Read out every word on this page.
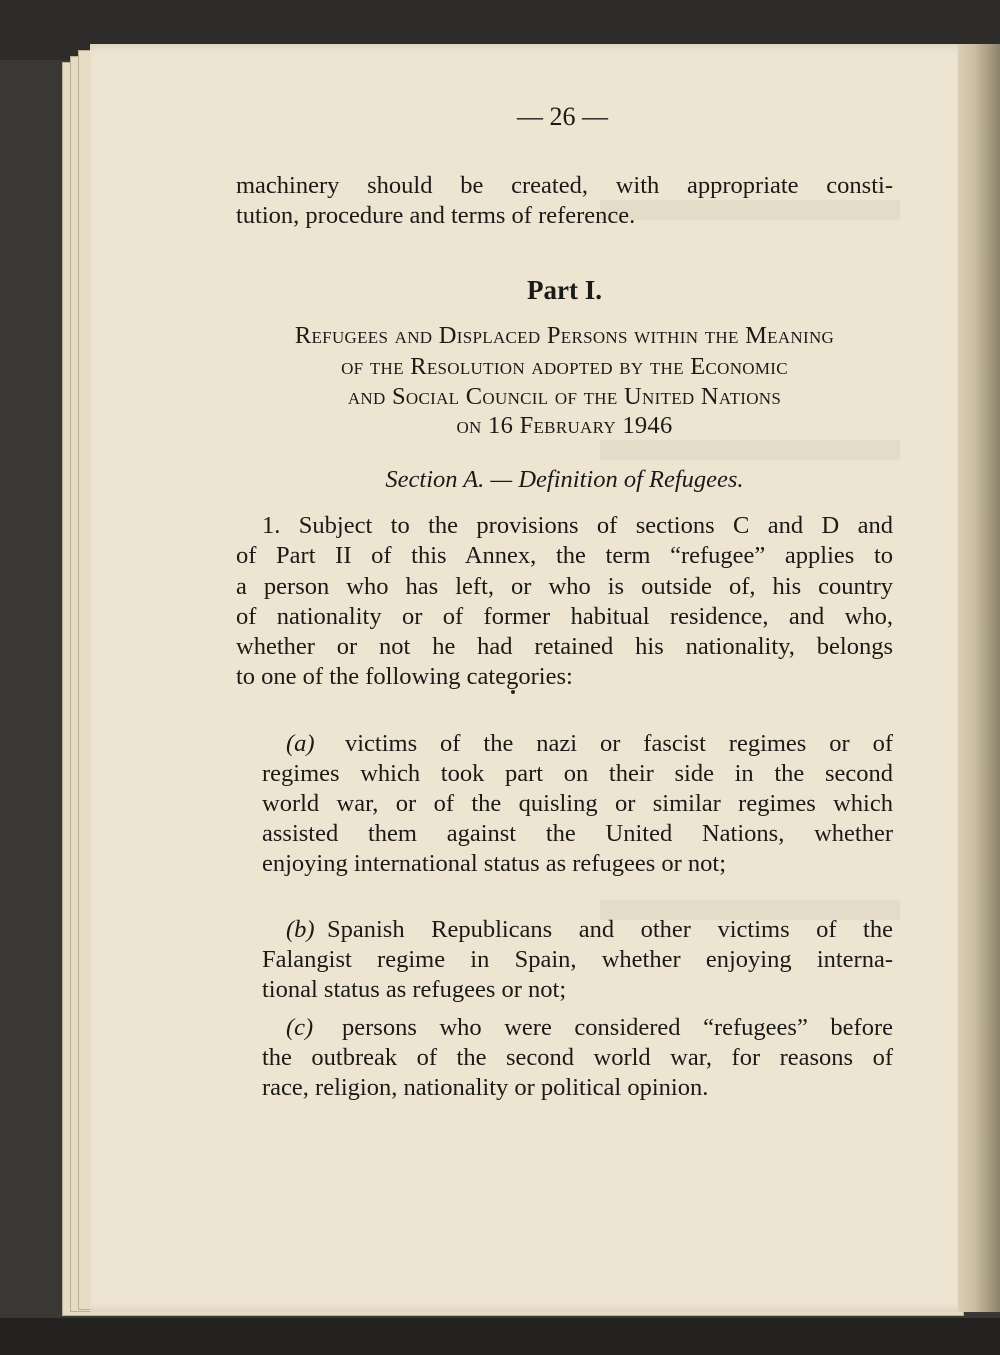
— 26 —
machinery should be created, with appropriate consti-
tution, procedure and terms of reference.
Part I.
Refugees and Displaced Persons within the Meaning
of the Resolution adopted by the Economic
and Social Council of the United Nations
on 16 February 1946
Section A. — Definition of Refugees.
1. Subject to the provisions of sections C and D and
of Part II of this Annex, the term “refugee” applies to
a person who has left, or who is outside of, his country
of nationality or of former habitual residence, and who,
whether or not he had retained his nationality, belongs
to one of the following categories:
(a) victims of the nazi or fascist regimes or of
regimes which took part on their side in the second
world war, or of the quisling or similar regimes which
assisted them against the United Nations, whether
enjoying international status as refugees or not;
(b) Spanish Republicans and other victims of the
Falangist regime in Spain, whether enjoying interna-
tional status as refugees or not;
(c) persons who were considered “refugees” before
the outbreak of the second world war, for reasons of
race, religion, nationality or political opinion.
